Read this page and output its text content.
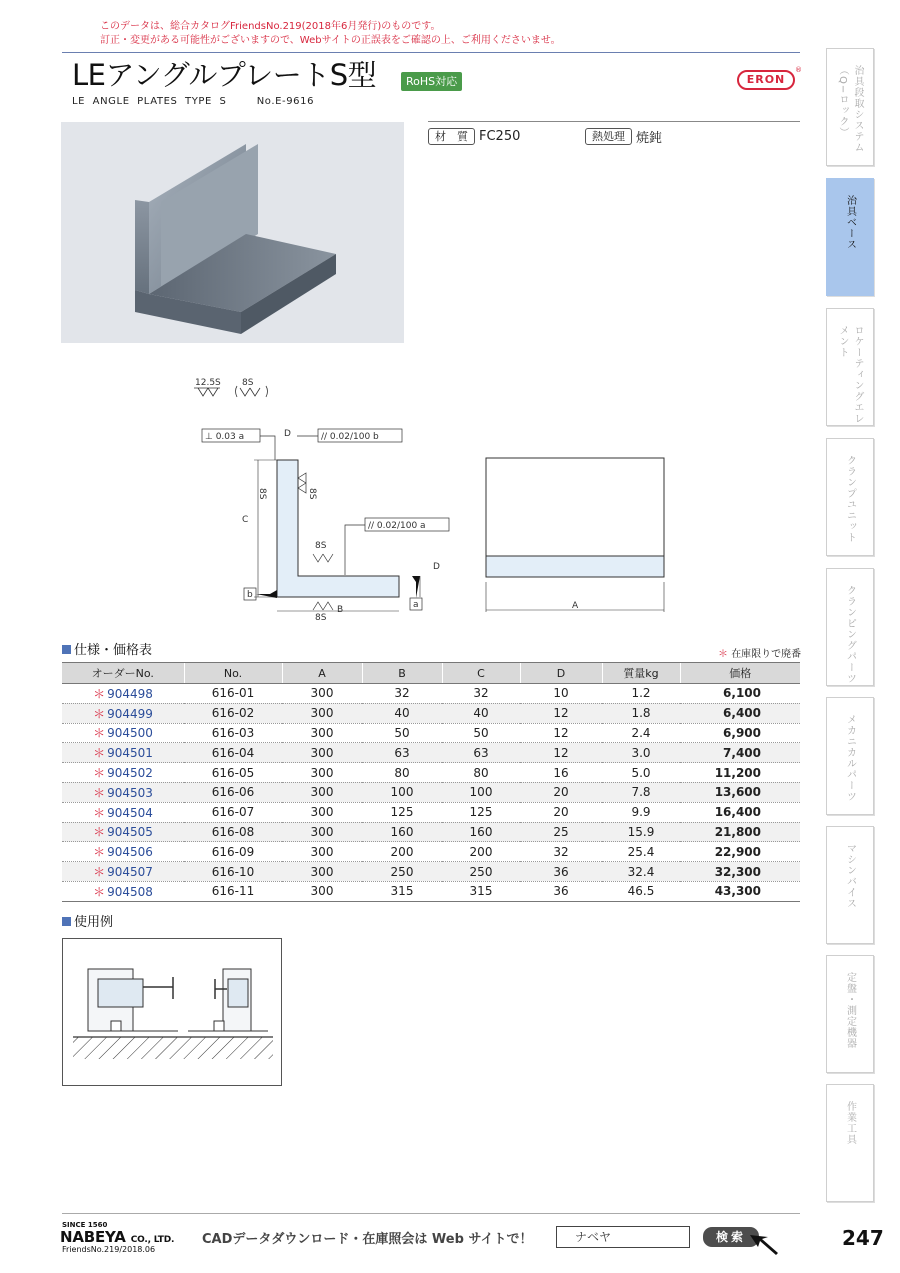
このデータは、総合カタログFriendsNo.219(2018年6月発行)のものです。
訂正・変更がある可能性がございますので、Webサイトの正誤表をご確認の上、ご利用くださいませ。
LEアングルプレートS型	RoHS対応
LE  ANGLE  PLATES  TYPE  S        No.E-9616
ERON
®
材　質 FC250	熱処理 焼鈍
12.5S 8S
⊥ 0.03 a	D	// 0.02/100 b
C
B
D
8S	8S
8S
8S
// 0.02/100 a
b
a	A
仕様・価格表	＊ 在庫限りで廃番
オーダーNo.	No.	A	B	C	D	質量kg	価格
＊ 904498	616-01	300	32	32	10	1.2	6,100
＊ 904499	616-02	300	40	40	12	1.8	6,400
＊ 904500	616-03	300	50	50	12	2.4	6,900
＊ 904501	616-04	300	63	63	12	3.0	7,400
＊ 904502	616-05	300	80	80	16	5.0	11,200
＊ 904503	616-06	300	100	100	20	7.8	13,600
＊ 904504	616-07	300	125	125	20	9.9	16,400
＊ 904505	616-08	300	160	160	25	15.9	21,800
＊ 904506	616-09	300	200	200	32	25.4	22,900
＊ 904507	616-10	300	250	250	36	32.4	32,300
＊ 904508	616-11	300	315	315	36	46.5	43,300
使用例
治具段取システム（Q−ロック）
治具ベース
ロケーティングエレメント
クランプユニット
クランピングパーツ
メカニカルパーツ
マシンバイス
定盤・測定機器
作業工具
SINCE 1560
NABEYA CO., LTD.
FriendsNo.219/2018.06
CADデータダウンロード・在庫照会は Web サイトで！	ナベヤ	検索	247
